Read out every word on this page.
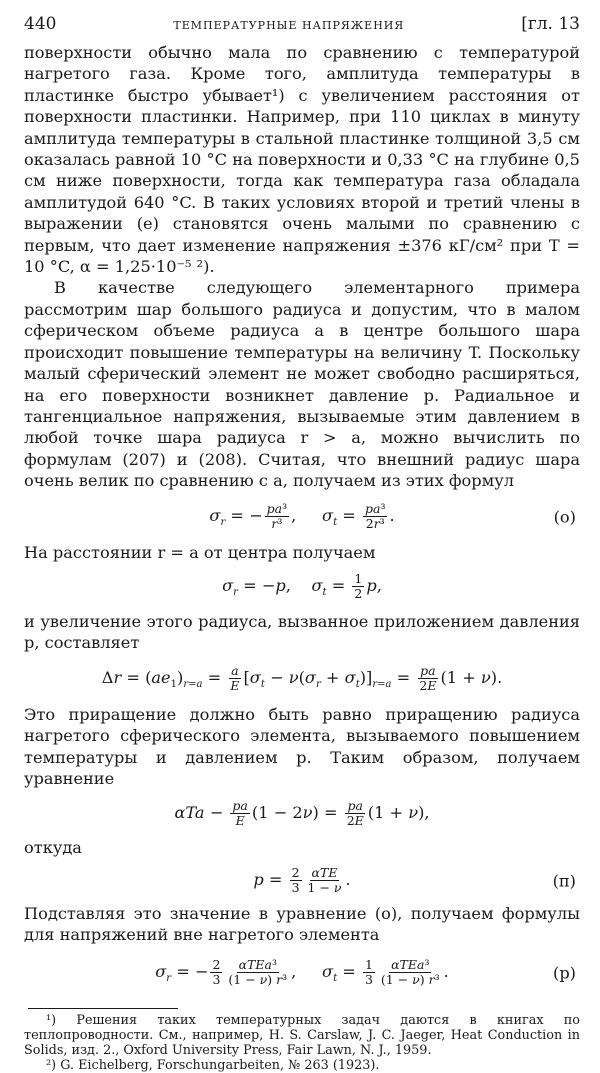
440	ТЕМПЕРАТУРНЫЕ НАПРЯЖЕНИЯ	[гл. 13

поверхности обычно мала по сравнению с температурой нагретого газа. Кроме того, амплитуда температуры в пластинке быстро убывает¹) с увеличением расстояния от поверхности пластинки. Например, при 110 циклах в минуту амплитуда температуры в стальной пластинке толщиной 3,5 см оказалась равной 10 °C на поверхности и 0,33 °C на глубине 0,5 см ниже поверхности, тогда как температура газа обладала амплитудой 640 °C. В таких условиях второй и третий члены в выражении (е) становятся очень малыми по сравнению с первым, что дает изменение напряжения ±376 кГ/см² при T = 10 °C, α = 1,25·10⁻⁵ ²).

В качестве следующего элементарного примера рассмотрим шар большого радиуса и допустим, что в малом сферическом объеме радиуса a в центре большого шара происходит повышение температуры на величину T. Поскольку малый сферический элемент не может свободно расширяться, на его поверхности возникнет давление p. Радиальное и тангенциальное напряжения, вызываемые этим давлением в любой точке шара радиуса r > a, можно вычислить по формулам (207) и (208). Считая, что внешний радиус шара очень велик по сравнению с a, получаем из этих формул

$\sigma_r$ = − $\frac{\text{pa³}}{\text{r³}}$ ,     $\sigma_t = \frac{\text{pa³}}{\text{2r³}}$ .	(о)

На расстоянии r = a от центра получаем

$\sigma_r = -p$,    $\sigma_t = \frac{1}{2} p$,

и увеличение этого радиуса, вызванное приложением давления p, составляет

$\Delta r = (ae_1)_{r=a} = \frac{a}{E} [\sigma_t - \nu(\sigma_r + \sigma_t)]_{r=a} = \frac{pa}{2E} (1 + \nu)$.

Это приращение должно быть равно приращению радиуса нагретого сферического элемента, вызываемого повышением температуры и давлением p. Таким образом, получаем уравнение

$\alpha Ta - \frac{pa}{E} (1 - 2\nu) = \frac{pa}{2E} (1 + \nu)$,

откуда

$p = \frac{2}{3} \frac{\text{αTE}}{1 - \nu}$ .	(п)

Подставляя это значение в уравнение (о), получаем формулы для напряжений вне нагретого элемента

$\sigma_r$ = − $\frac{2}{3} \frac{\text{αTEa³}}{\text{(1 − ν) r³}}$ ,     $\sigma_t = \frac{1}{3} \frac{\text{αTEa³}}{\text{(1 − ν) r³}}$ .	(р)

¹) Решения таких температурных задач даются в книгах по теплопроводности. См., например, H. S. Carslaw, J. C. Jaeger, Heat Conduction in Solids, изд. 2., Oxford University Press, Fair Lawn, N. J., 1959.

²) G. Eichelberg, Forschungarbeiten, № 263 (1923).
